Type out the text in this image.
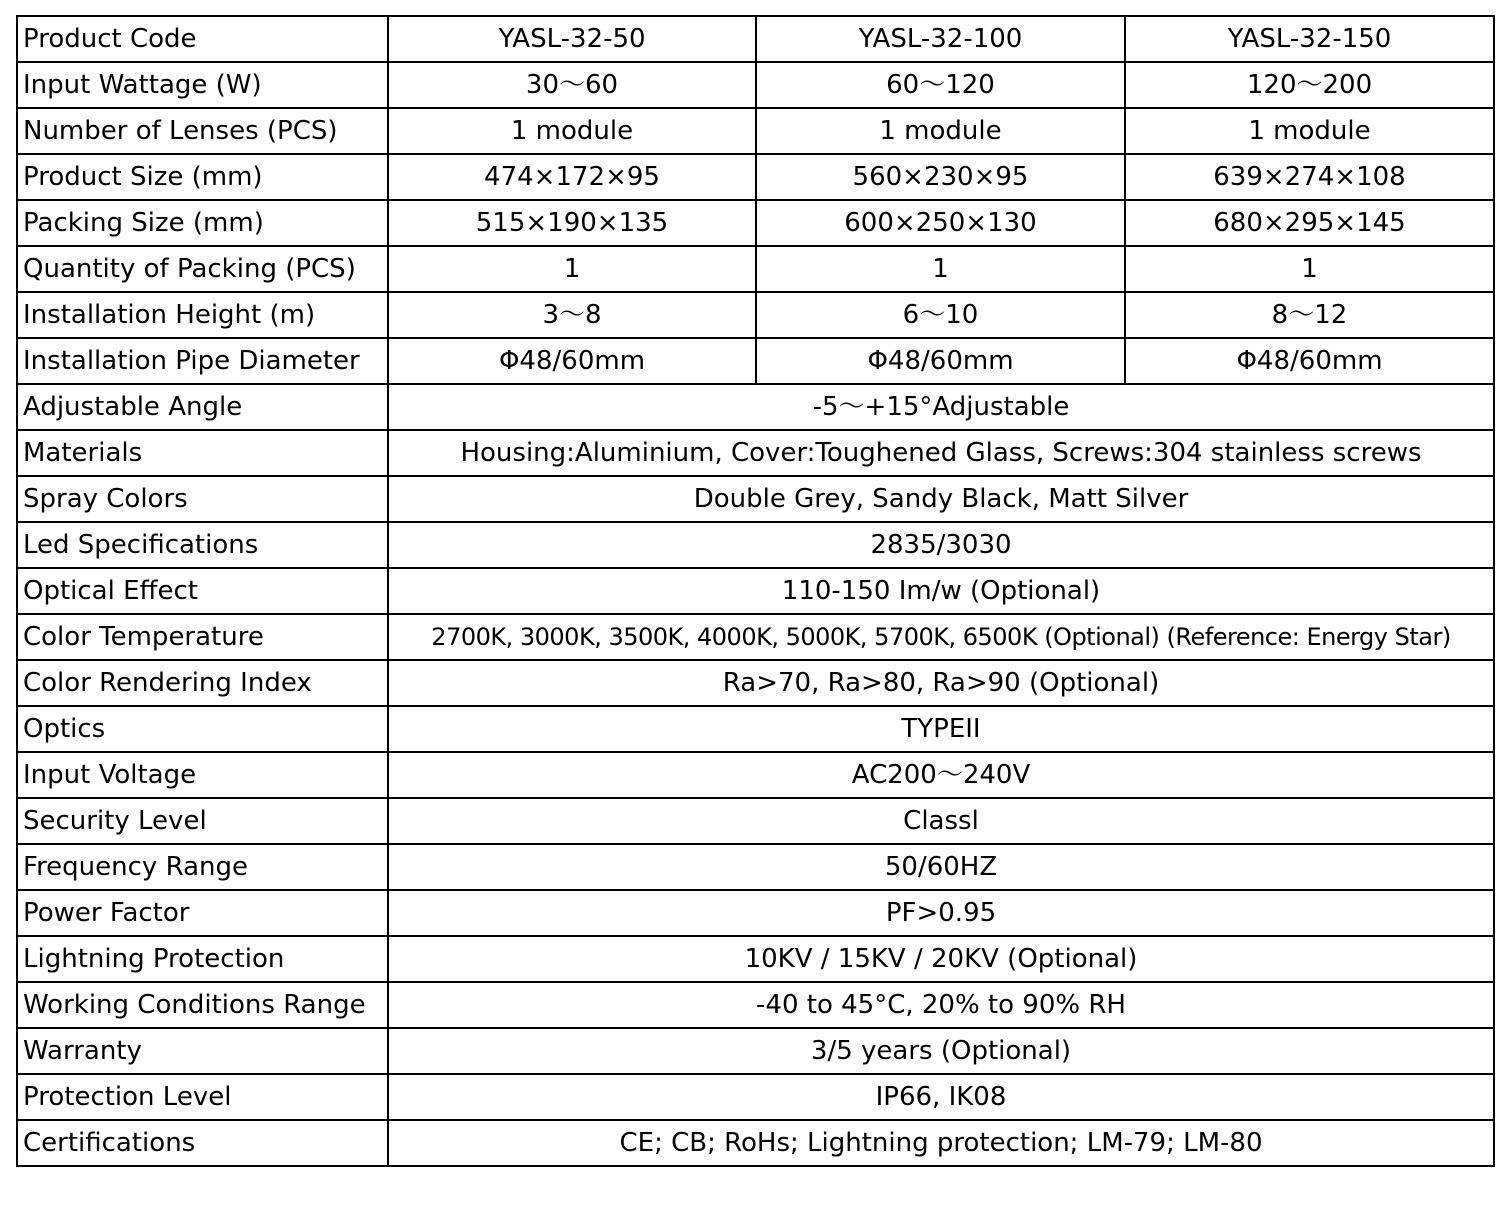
Product Code	YASL-32-50	YASL-32-100	YASL-32-150
Input Wattage (W)	30～60	60～120	120～200
Number of Lenses (PCS)	1 module	1 module	1 module
Product Size (mm)	474×172×95	560×230×95	639×274×108
Packing Size (mm)	515×190×135	600×250×130	680×295×145
Quantity of Packing (PCS)	1	1	1
Installation Height (m)	3～8	6～10	8～12
Installation Pipe Diameter	Φ48/60mm	Φ48/60mm	Φ48/60mm
Adjustable Angle	-5～+15°Adjustable		
Materials	Housing:Aluminium, Cover:Toughened Glass, Screws:304 stainless screws		
Spray Colors	Double Grey, Sandy Black, Matt Silver		
Led Specifications	2835/3030		
Optical Effect	110-150 Im/w (Optional)		
Color Temperature	2700K, 3000K, 3500K, 4000K, 5000K, 5700K, 6500K (Optional) (Reference: Energy Star)		
Color Rendering Index	Ra>70, Ra>80, Ra>90 (Optional)		
Optics	TYPEII		
Input Voltage	AC200～240V		
Security Level	Classl		
Frequency Range	50/60HZ		
Power Factor	PF>0.95		
Lightning Protection	10KV / 15KV / 20KV (Optional)		
Working Conditions Range	-40 to 45°C, 20% to 90% RH		
Warranty	3/5 years (Optional)		
Protection Level	IP66, IK08		
Certifications	CE; CB; RoHs; Lightning protection; LM-79; LM-80		
